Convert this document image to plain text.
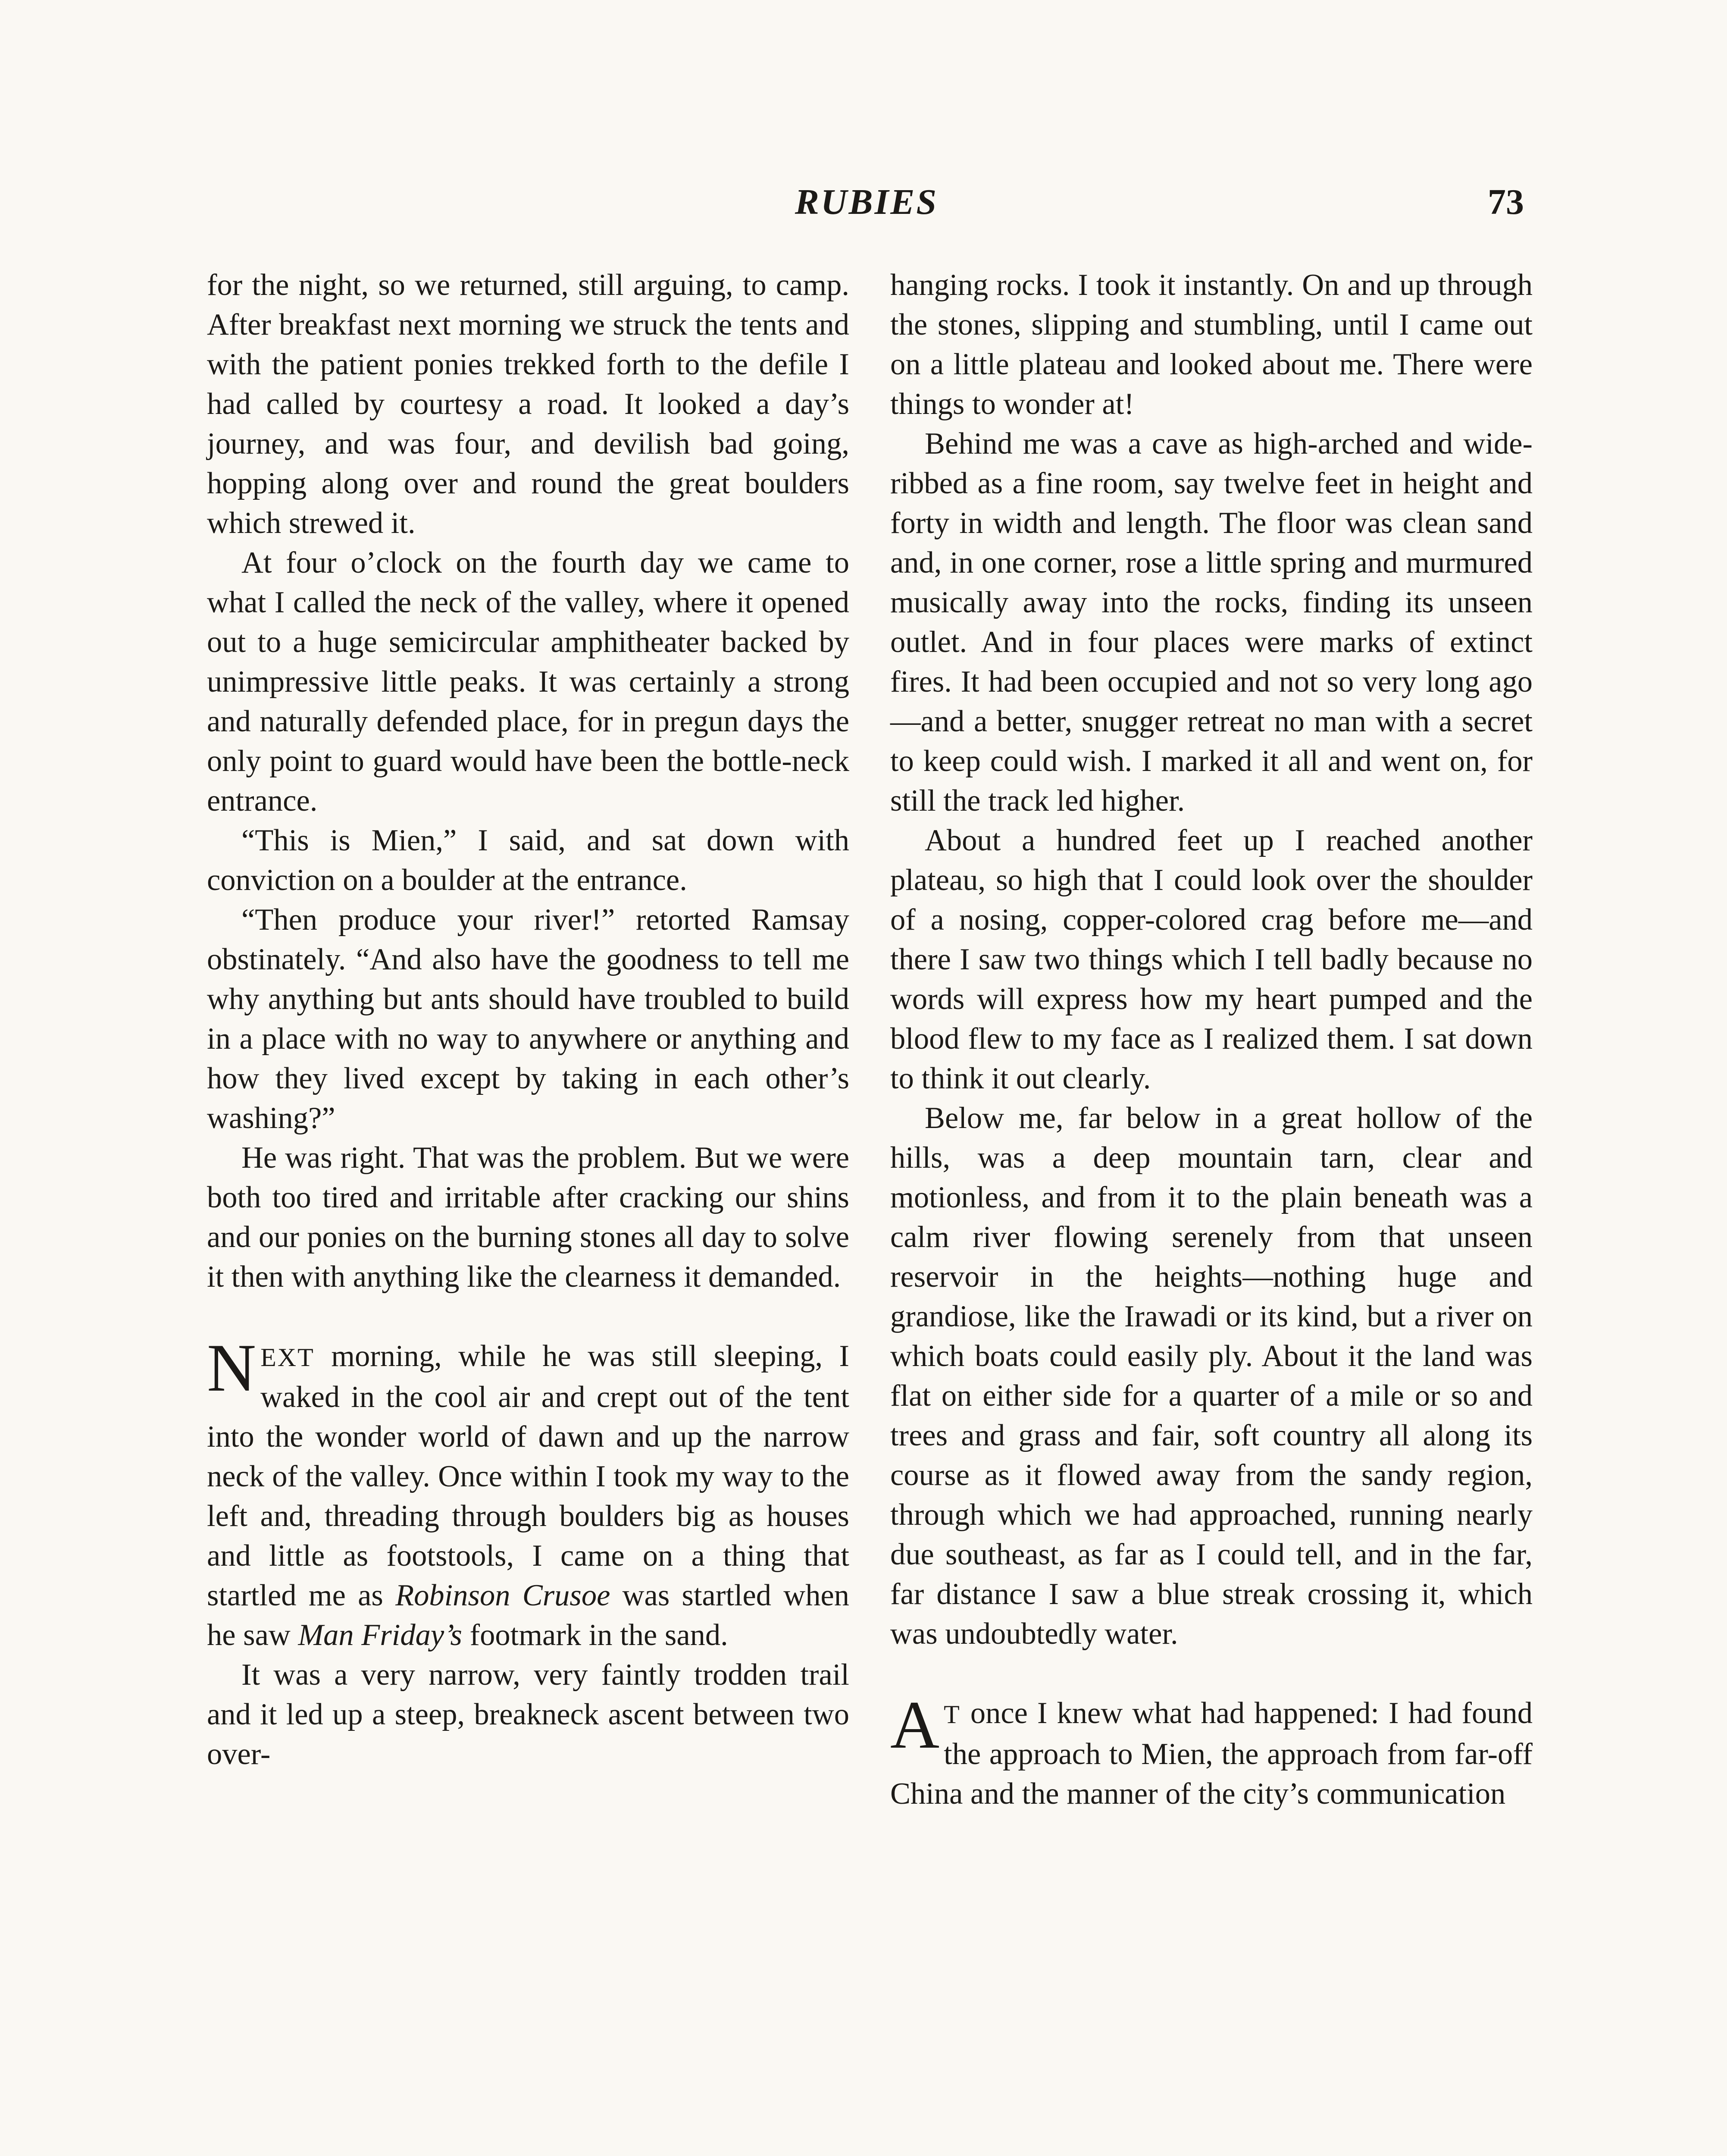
RUBIES	73

for the night, so we returned, still arguing, to camp. After breakfast next morning we struck the tents and with the patient ponies trekked forth to the defile I had called by courtesy a road. It looked a day’s journey, and was four, and devilish bad going, hopping along over and round the great boulders which strewed it.

At four o’clock on the fourth day we came to what I called the neck of the valley, where it opened out to a huge semicircular amphitheater backed by unimpressive little peaks. It was certainly a strong and naturally defended place, for in pregun days the only point to guard would have been the bottle-neck entrance.

“This is Mien,” I said, and sat down with conviction on a boulder at the entrance.

“Then produce your river!” retorted Ramsay obstinately. “And also have the goodness to tell me why anything but ants should have troubled to build in a place with no way to anywhere or anything and how they lived except by taking in each other’s washing?”

He was right. That was the problem. But we were both too tired and irritable after cracking our shins and our ponies on the burning stones all day to solve it then with anything like the clearness it demanded.

NEXT morning, while he was still sleeping, I waked in the cool air and crept out of the tent into the wonder world of dawn and up the narrow neck of the valley. Once within I took my way to the left and, threading through boulders big as houses and little as footstools, I came on a thing that startled me as Robinson Crusoe was startled when he saw Man Friday’s footmark in the sand.

It was a very narrow, very faintly trodden trail and it led up a steep, breakneck ascent between two over-

hanging rocks. I took it instantly. On and up through the stones, slipping and stumbling, until I came out on a little plateau and looked about me. There were things to wonder at!

Behind me was a cave as high-arched and wide-ribbed as a fine room, say twelve feet in height and forty in width and length. The floor was clean sand and, in one corner, rose a little spring and murmured musically away into the rocks, finding its unseen outlet. And in four places were marks of extinct fires. It had been occupied and not so very long ago—and a better, snugger retreat no man with a secret to keep could wish. I marked it all and went on, for still the track led higher.

About a hundred feet up I reached another plateau, so high that I could look over the shoulder of a nosing, copper-colored crag before me—and there I saw two things which I tell badly because no words will express how my heart pumped and the blood flew to my face as I realized them. I sat down to think it out clearly.

Below me, far below in a great hollow of the hills, was a deep mountain tarn, clear and motionless, and from it to the plain beneath was a calm river flowing serenely from that unseen reservoir in the heights—nothing huge and grandiose, like the Irawadi or its kind, but a river on which boats could easily ply. About it the land was flat on either side for a quarter of a mile or so and trees and grass and fair, soft country all along its course as it flowed away from the sandy region, through which we had approached, running nearly due southeast, as far as I could tell, and in the far, far distance I saw a blue streak crossing it, which was undoubtedly water.

A T once I knew what had happened: I had found the approach to Mien, the approach from far-off China and the manner of the city’s communication
